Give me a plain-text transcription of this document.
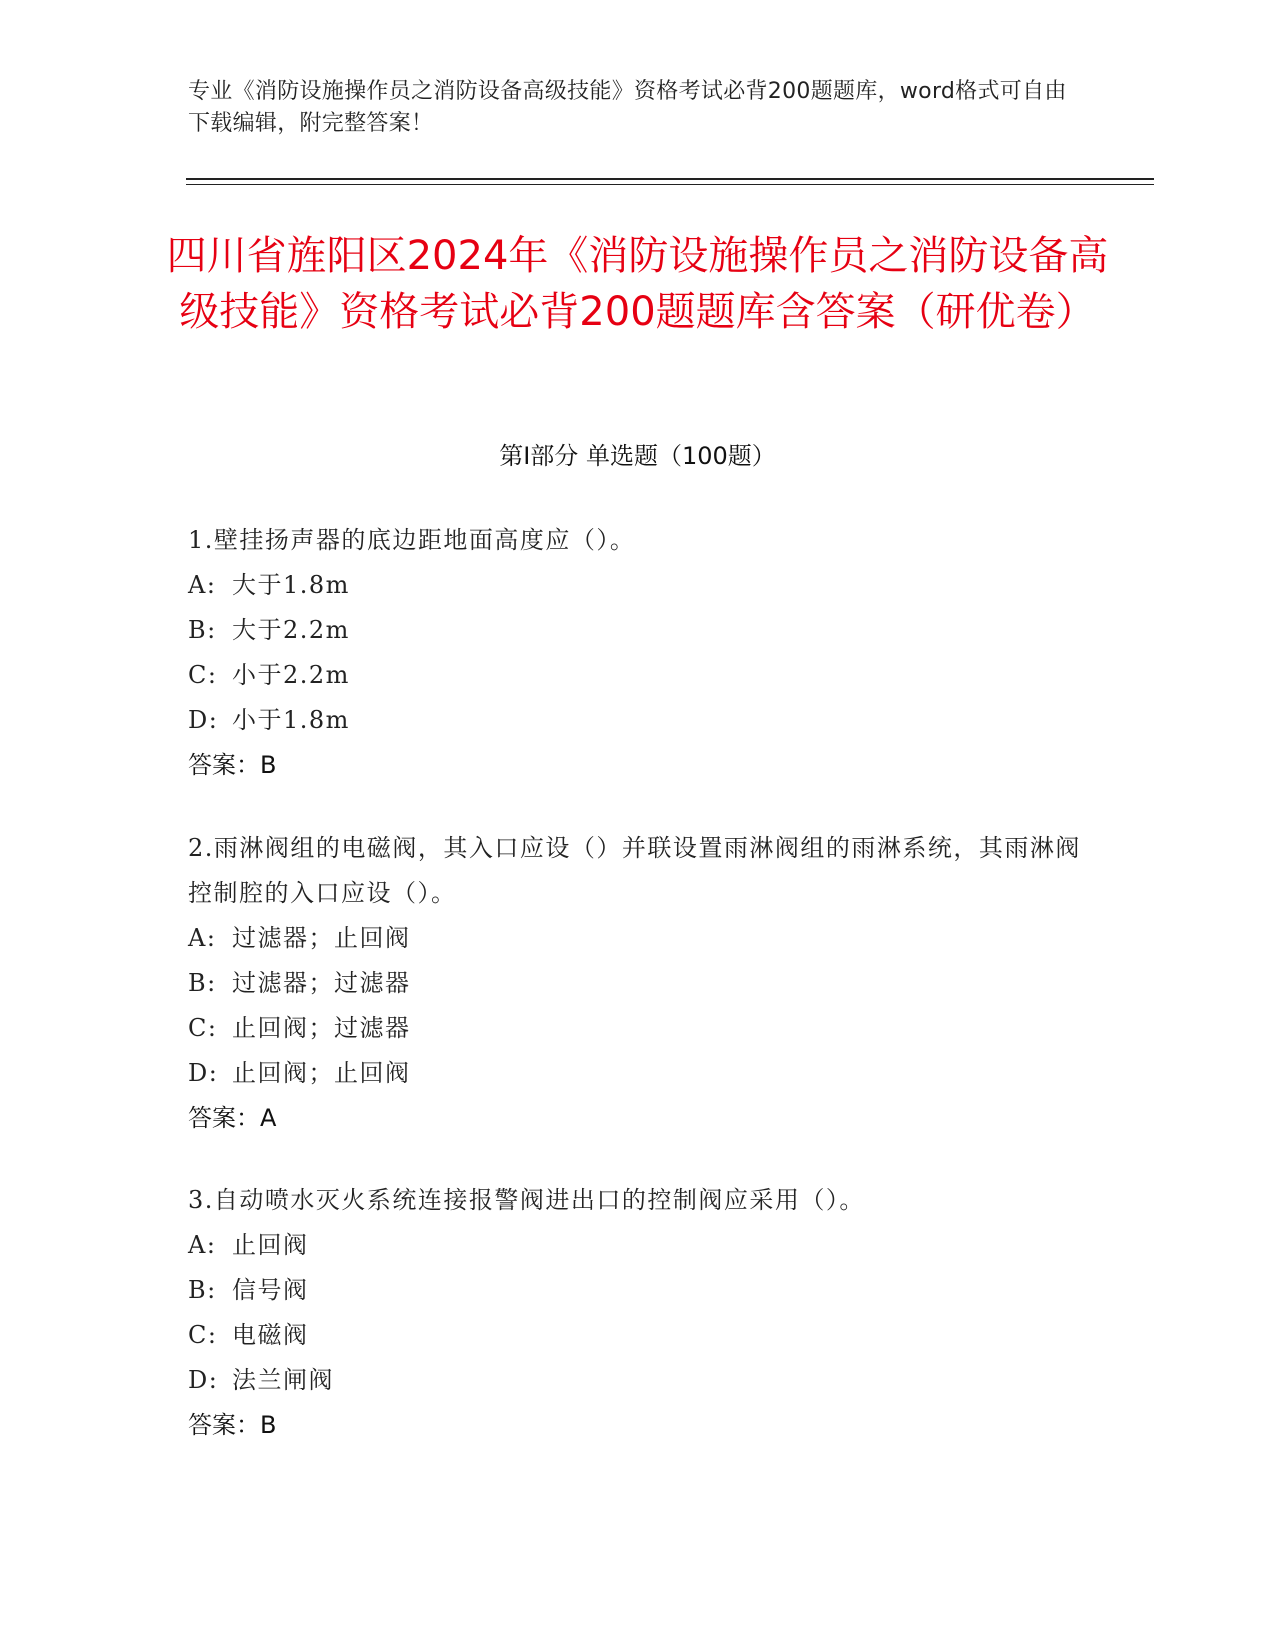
专业《消防设施操作员之消防设备高级技能》资格考试必背200题题库，word格式可自由下载编辑，附完整答案！
四川省旌阳区2024年《消防设施操作员之消防设备高级技能》资格考试必背200题题库含答案（研优卷）
第I部分 单选题（100题）
1.壁挂扬声器的底边距地面高度应（）。
A: 大于1.8m
B: 大于2.2m
C: 小于2.2m
D: 小于1.8m
答案：B
2.雨淋阀组的电磁阀，其入口应设（）并联设置雨淋阀组的雨淋系统，其雨淋阀控制腔的入口应设（）。
A: 过滤器；止回阀
B: 过滤器；过滤器
C: 止回阀；过滤器
D: 止回阀；止回阀
答案：A
3.自动喷水灭火系统连接报警阀进出口的控制阀应采用（）。
A: 止回阀
B: 信号阀
C: 电磁阀
D: 法兰闸阀
答案：B
